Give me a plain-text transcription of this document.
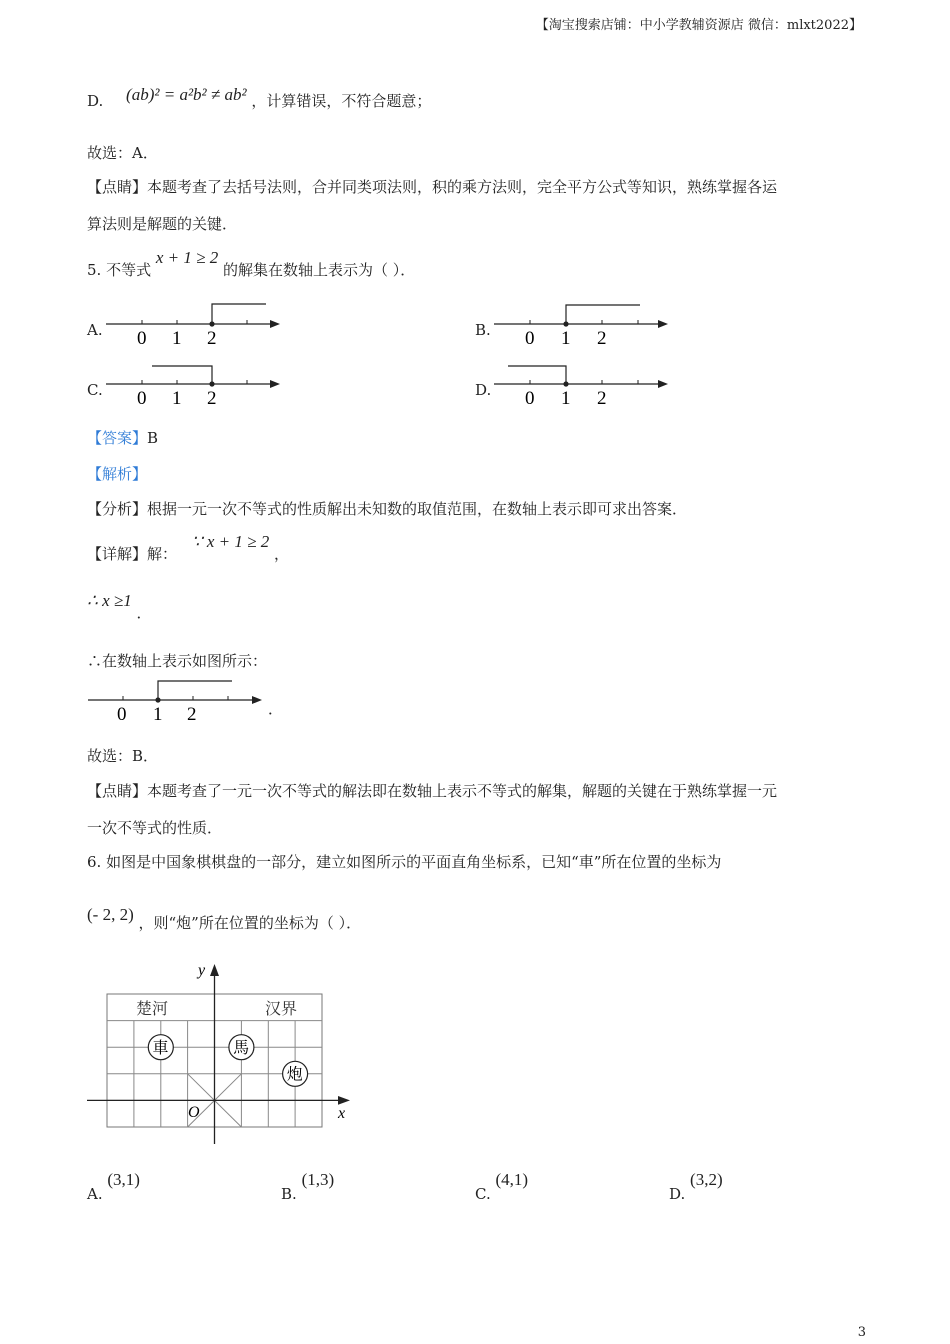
【淘宝搜索店铺：中小学教辅资源店 微信：mlxt2022】
D. (ab)² = a²b² ≠ ab² ，计算错误，不符合题意；
故选：A．
【点睛】本题考查了去括号法则，合并同类项法则，积的乘方法则，完全平方公式等知识，熟练掌握各运
算法则是解题的关键．
5. 不等式 x + 1 ≥ 2 的解集在数轴上表示为（ ）．
A. 0 1 2	B. 0 1 2
C. 0 1 2	D. 0 1 2
【答案】B
【解析】
【分析】根据一元一次不等式的性质解出未知数的取值范围，在数轴上表示即可求出答案．
【详解】解： ∵ x + 1 ≥ 2 ，
∴ x ≥1 ．
∴在数轴上表示如图所示：
0 1 2	．
故选：B．
【点睛】本题考查了一元一次不等式的解法即在数轴上表示不等式的解集，解题的关键在于熟练掌握一元
一次不等式的性质．
6. 如图是中国象棋棋盘的一部分，建立如图所示的平面直角坐标系，已知“車”所在位置的坐标为
(- 2, 2) ，则“炮”所在位置的坐标为（ ）．
x
y
O
楚河	汉界
車	馬
炮
A. (3,1)
B. (1,3)
C. (4,1)
D. (3,2)
3
